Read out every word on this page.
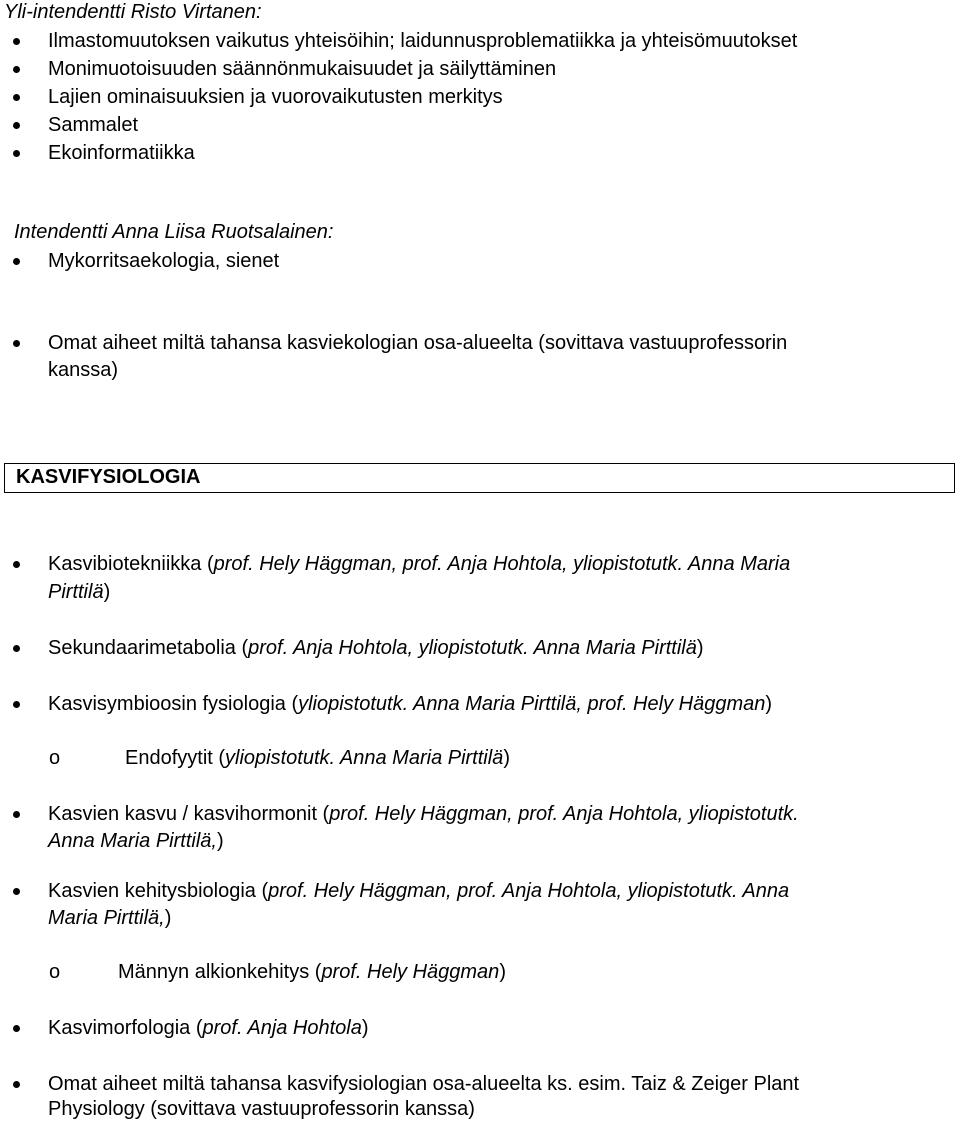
Yli-intendentti Risto Virtanen:
Ilmastomuutoksen vaikutus yhteisöihin; laidunnusproblematiikka ja yhteisömuutokset
Monimuotoisuuden säännönmukaisuudet ja säilyttäminen
Lajien ominaisuuksien ja vuorovaikutusten merkitys
Sammalet
Ekoinformatiikka
Intendentti Anna Liisa Ruotsalainen:
Mykorritsaekologia, sienet
Omat aiheet miltä tahansa kasviekologian osa-alueelta (sovittava vastuuprofessorin
kanssa)
KASVIFYSIOLOGIA
Kasvibiotekniikka (prof. Hely Häggman, prof. Anja Hohtola, yliopistotutk. Anna Maria
Pirttilä)
Sekundaarimetabolia (prof. Anja Hohtola, yliopistotutk. Anna Maria Pirttilä)
Kasvisymbioosin fysiologia (yliopistotutk. Anna Maria Pirttilä, prof. Hely Häggman)
o	Endofyytit (yliopistotutk. Anna Maria Pirttilä)
Kasvien kasvu / kasvihormonit (prof. Hely Häggman, prof. Anja Hohtola, yliopistotutk.
Anna Maria Pirttilä,)
Kasvien kehitysbiologia (prof. Hely Häggman, prof. Anja Hohtola, yliopistotutk. Anna
Maria Pirttilä,)
o	Männyn alkionkehitys (prof. Hely Häggman)
Kasvimorfologia (prof. Anja Hohtola)
Omat aiheet miltä tahansa kasvifysiologian osa-alueelta ks. esim. Taiz & Zeiger Plant
Physiology (sovittava vastuuprofessorin kanssa)
